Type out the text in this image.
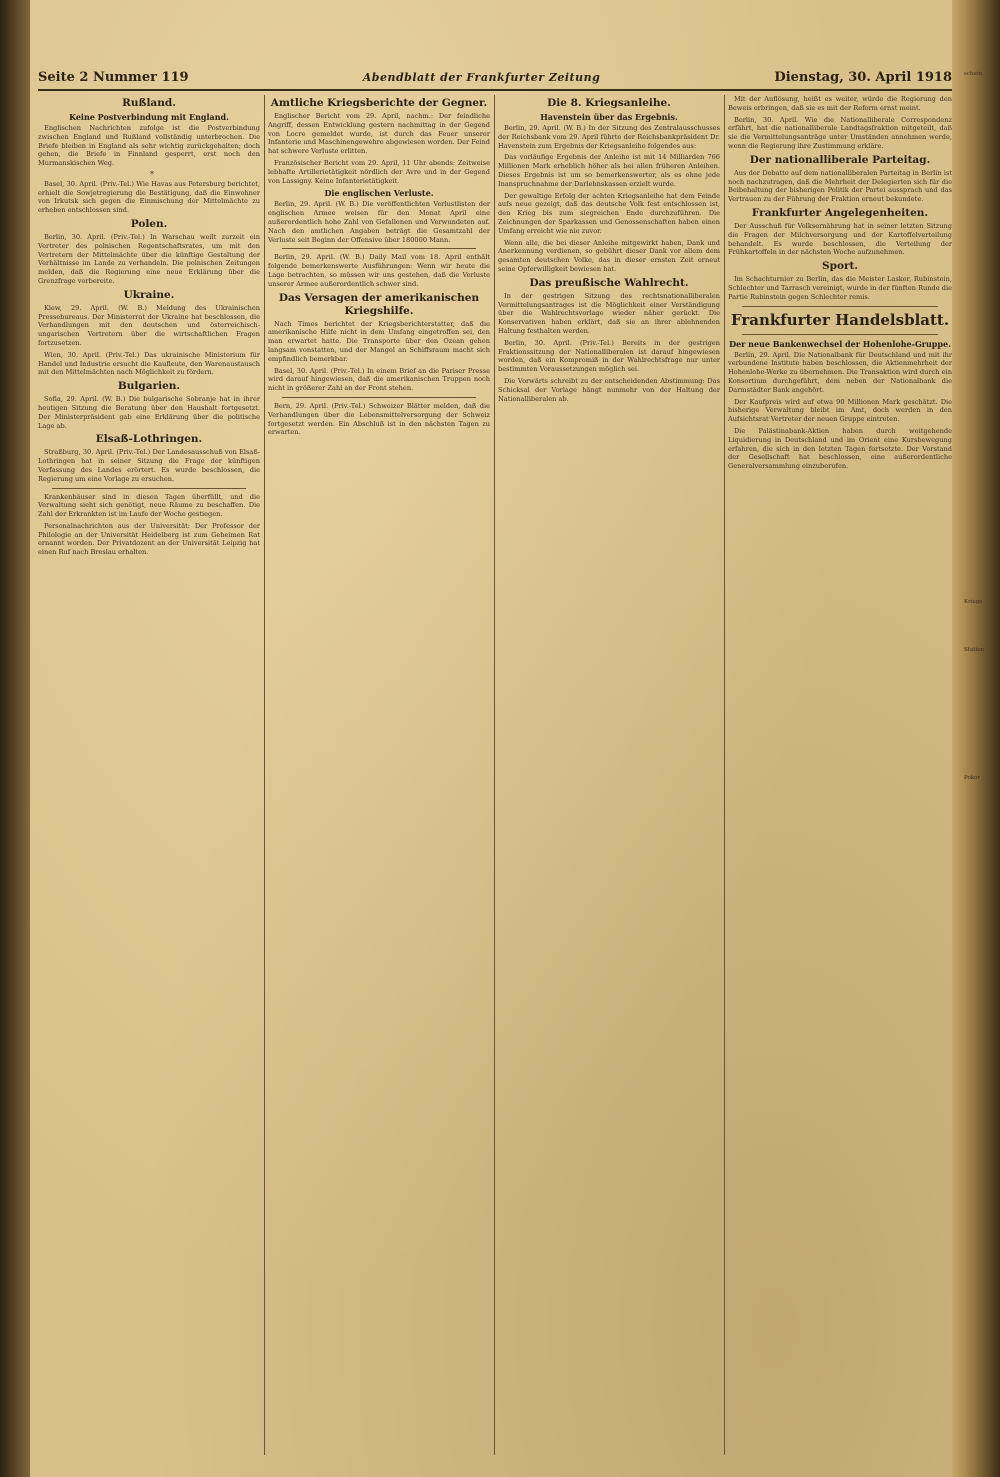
Seite 2 Nummer 119	Abendblatt der Frankfurter Zeitung	Dienstag, 30. April 1918
Rußland.
Keine Postverbindung mit England.

Englischen Nachrichten zufolge ist die Postverbindung zwischen England und Rußland vollständig unterbrochen. Die Briefe bleiben in England als sehr wichtig zurückgehalten; doch gehen, die Briefe in Finnland gesperrt, erst noch den Murmanskischen Weg.

*

Basel, 30. April. (Priv.-Tel.) Wie Havas aus Petersburg berichtet, erhielt die Sowjetregierung die Bestätigung, daß die Einwohner von Irkutsk sich gegen die Einmischung der Mittelmächte zu erheben entschlossen sind.

Polen.

Berlin, 30. April. (Priv.-Tel.) In Warschau weilt zurzeit ein Vertreter des polnischen Regentschaftsrates, um mit den Vertretern der Mittelmächte über die künftige Gestaltung der Verhältnisse im Lande zu verhandeln. Die polnischen Zeitungen melden, daß die Regierung eine neue Erklärung über die Grenzfrage vorbereite.

Ukraine.

Kiew, 29. April. (W. B.) Meldung des Ukrainischen Pressebureaus. Der Ministerrat der Ukraine hat beschlossen, die Verhandlungen mit den deutschen und österreichisch-ungarischen Vertretern über die wirtschaftlichen Fragen fortzusetzen.

Wien, 30. April. (Priv.-Tel.) Das ukrainische Ministerium für Handel und Industrie ersucht die Kaufleute, den Warenaustausch mit den Mittelmächten nach Möglichkeit zu fördern.

Bulgarien.

Sofia, 29. April. (W. B.) Die bulgarische Sobranje hat in ihrer heutigen Sitzung die Beratung über den Haushalt fortgesetzt. Der Ministerpräsident gab eine Erklärung über die politische Lage ab.

Elsaß-Lothringen.

Straßburg, 30. April. (Priv.-Tel.) Der Landesausschuß von Elsaß-Lothringen hat in seiner Sitzung die Frage der künftigen Verfassung des Landes erörtert. Es wurde beschlossen, die Regierung um eine Vorlage zu ersuchen.

Krankenhäuser sind in diesen Tagen überfüllt, und die Verwaltung sieht sich genötigt, neue Räume zu beschaffen. Die Zahl der Erkrankten ist im Laufe der Woche gestiegen.

Personalnachrichten aus der Universität: Der Professor der Philologie an der Universität Heidelberg ist zum Geheimen Rat ernannt worden. Der Privatdozent an der Universität Leipzig hat einen Ruf nach Breslau erhalten.

Amtliche Kriegsberichte der Gegner.

Englischer Bericht vom 29. April, nachm.: Der feindliche Angriff, dessen Entwicklung gestern nachmittag in der Gegend von Locre gemeldet wurde, ist durch das Feuer unserer Infanterie und Maschinengewehre abgewiesen worden. Der Feind hat schwere Verluste erlitten.

Französischer Bericht vom 29. April, 11 Uhr abends: Zeitweise lebhafte Artillerietätigkeit nördlich der Avre und in der Gegend von Lassigny. Keine Infanterietätigkeit.

Die englischen Verluste.

Berlin, 29. April. (W. B.) Die veröffentlichten Verlustlisten der englischen Armee weisen für den Monat April eine außerordentlich hohe Zahl von Gefallenen und Verwundeten auf. Nach den amtlichen Angaben beträgt die Gesamtzahl der Verluste seit Beginn der Offensive über 180000 Mann.

Berlin, 29. April. (W. B.) Daily Mail vom 18. April enthält folgende bemerkenswerte Ausführungen: Wenn wir heute die Lage betrachten, so müssen wir uns gestehen, daß die Verluste unserer Armee außerordentlich schwer sind.

Das Versagen der amerikanischen Kriegshilfe.

Nach Times berichtet der Kriegsberichterstatter, daß die amerikanische Hilfe nicht in dem Umfang eingetroffen sei, den man erwartet hatte. Die Transporte über den Ozean gehen langsam vonstatten, und der Mangel an Schiffsraum macht sich empfindlich bemerkbar.

Basel, 30. April. (Priv.-Tel.) In einem Brief an die Pariser Presse wird darauf hingewiesen, daß die amerikanischen Truppen noch nicht in größerer Zahl an der Front stehen.

Bern, 29. April. (Priv.-Tel.) Schweizer Blätter melden, daß die Verhandlungen über die Lebensmittelversorgung der Schweiz fortgesetzt werden. Ein Abschluß ist in den nächsten Tagen zu erwarten.

Die 8. Kriegsanleihe.
Havenstein über das Ergebnis.

Berlin, 29. April. (W. B.) In der Sitzung des Zentralausschusses der Reichsbank vom 29. April führte der Reichsbankpräsident Dr. Havenstein zum Ergebnis der Kriegsanleihe folgendes aus:

Das vorläufige Ergebnis der Anleihe ist mit 14 Milliarden 766 Millionen Mark erheblich höher als bei allen früheren Anleihen. Dieses Ergebnis ist um so bemerkenswerter, als es ohne jede Inanspruchnahme der Darlehnskassen erzielt wurde.

Der gewaltige Erfolg der achten Kriegsanleihe hat dem Feinde aufs neue gezeigt, daß das deutsche Volk fest entschlossen ist, den Krieg bis zum siegreichen Ende durchzuführen. Die Zeichnungen der Sparkassen und Genossenschaften haben einen Umfang erreicht wie nie zuvor.

Wenn alle, die bei dieser Anleihe mitgewirkt haben, Dank und Anerkennung verdienen, so gebührt dieser Dank vor allem dem gesamten deutschen Volke, das in dieser ernsten Zeit erneut seine Opferwilligkeit bewiesen hat.

Das preußische Wahlrecht.

In der gestrigen Sitzung des rechtsnationalliberalen Vermittelungsantrages ist die Möglichkeit einer Verständigung über die Wahlrechtsvorlage wieder näher gerückt. Die Konservativen haben erklärt, daß sie an ihrer ablehnenden Haltung festhalten werden.

Berlin, 30. April. (Priv.-Tel.) Bereits in der gestrigen Fraktionssitzung der Nationalliberalen ist darauf hingewiesen worden, daß ein Kompromiß in der Wahlrechtsfrage nur unter bestimmten Voraussetzungen möglich sei.

Die Vorwärts schreibt zu der entscheidenden Abstimmung: Das Schicksal der Vorlage hängt nunmehr von der Haltung der Nationalliberalen ab.

Mit der Auflösung, heißt es weiter, würde die Regierung den Beweis erbringen, daß sie es mit der Reform ernst meint.

Berlin, 30. April. Wie die Nationalliberale Correspondenz erfährt, hat die nationalliberale Landtagsfraktion mitgeteilt, daß sie die Vermittelungsanträge unter Umständen annehmen werde, wenn die Regierung ihre Zustimmung erkläre.

Der nationalliberale Parteitag.

Aus der Debatte auf dem nationalliberalen Parteitag in Berlin ist noch nachzutragen, daß die Mehrheit der Delegierten sich für die Beibehaltung der bisherigen Politik der Partei aussprach und das Vertrauen zu der Führung der Fraktion erneut bekundete.

Frankfurter Angelegenheiten.

Der Ausschuß für Volksernährung hat in seiner letzten Sitzung die Fragen der Milchversorgung und der Kartoffelverteilung behandelt. Es wurde beschlossen, die Verteilung der Frühkartoffeln in der nächsten Woche aufzunehmen.

Sport.

Im Schachturnier zu Berlin, das die Meister Lasker, Rubinstein, Schlechter und Tarrasch vereinigt, wurde in der fünften Runde die Partie Rubinstein gegen Schlechter remis.

Frankfurter Handelsblatt.
Der neue Bankenwechsel der Hohenlohe-Gruppe.

Berlin, 29. April. Die Nationalbank für Deutschland und mit ihr verbundene Institute haben beschlossen, die Aktienmehrheit der Hohenlohe-Werke zu übernehmen. Die Transaktion wird durch ein Konsortium durchgeführt, dem neben der Nationalbank die Darmstädter Bank angehört.

Der Kaufpreis wird auf etwa 90 Millionen Mark geschätzt. Die bisherige Verwaltung bleibt im Amt, doch werden in den Aufsichtsrat Vertreter der neuen Gruppe eintreten.

Die Palästinabank-Aktien haben durch weitgehende Liquidierung in Deutschland und im Orient eine Kursbewegung erfahren, die sich in den letzten Tagen fortsetzte. Der Vorstand der Gesellschaft hat beschlossen, eine außerordentliche Generalversammlung einzuberufen.

schein
Kriegs
Station
Pokor
